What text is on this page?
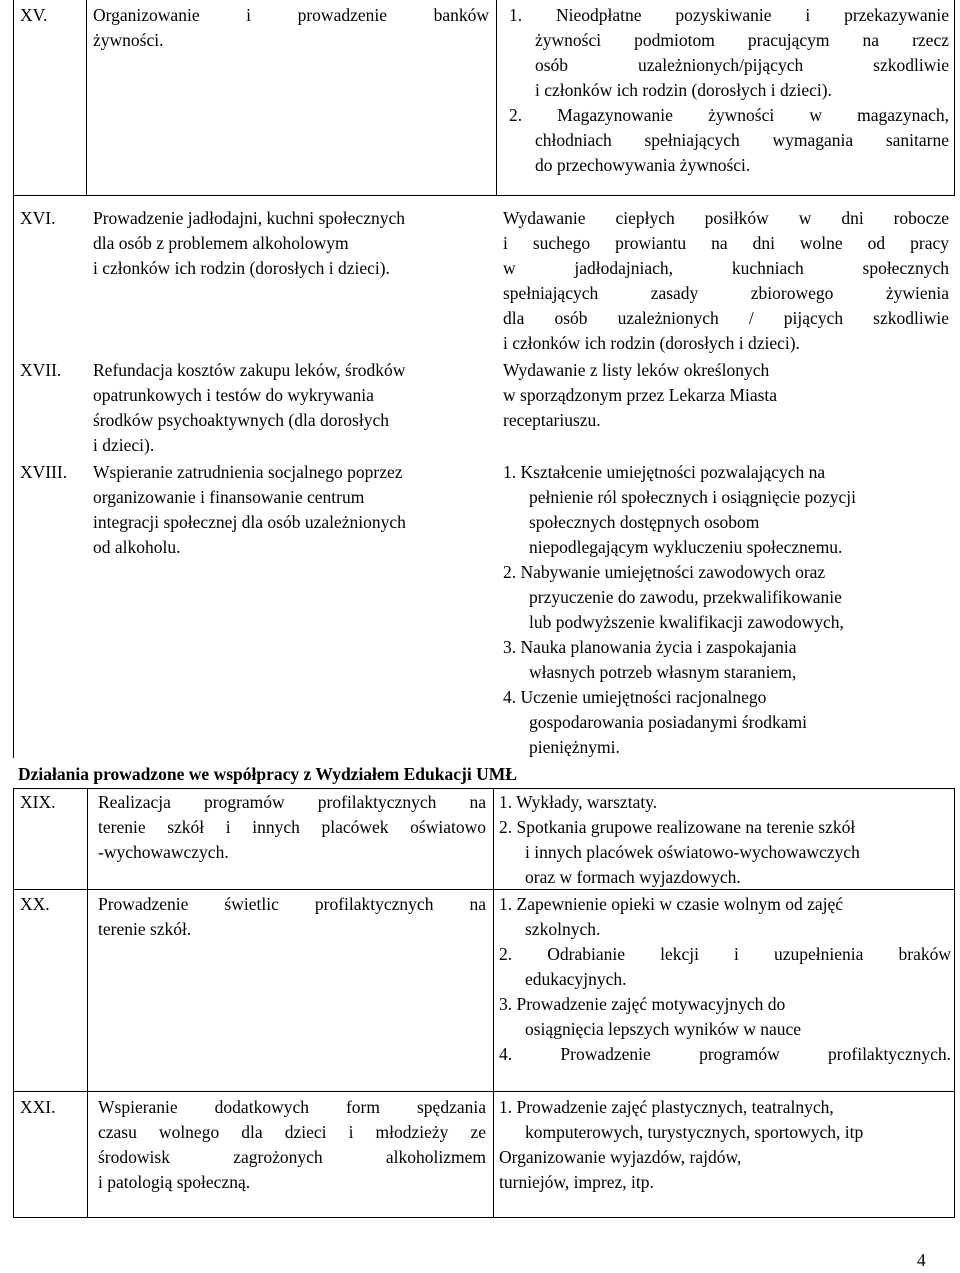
XV.	Organizowanie i prowadzenie banków
żywności.
1. Nieodpłatne pozyskiwanie i przekazywanie
żywności podmiotom pracującym na rzecz
osób uzależnionych/pijących szkodliwie
i członków ich rodzin (dorosłych i dzieci).
2. Magazynowanie żywności w magazynach,
chłodniach spełniających wymagania sanitarne
do przechowywania żywności.
XVI. Prowadzenie jadłodajni, kuchni społecznych
dla osób z problemem alkoholowym
i członków ich rodzin (dorosłych i dzieci).
Wydawanie ciepłych posiłków w dni robocze
i suchego prowiantu na dni wolne od pracy
w jadłodajniach, kuchniach społecznych
spełniających zasady zbiorowego żywienia
dla osób uzależnionych / pijących szkodliwie
i członków ich rodzin (dorosłych i dzieci).
XVII. Refundacja kosztów zakupu leków, środków
opatrunkowych i testów do wykrywania
środków psychoaktywnych (dla dorosłych
i dzieci).
Wydawanie z listy leków określonych
w sporządzonym przez Lekarza Miasta
receptariuszu.
XVIII. Wspieranie zatrudnienia socjalnego poprzez
organizowanie i finansowanie centrum
integracji społecznej dla osób uzależnionych
od alkoholu.
1. Kształcenie umiejętności pozwalających na
pełnienie ról społecznych i osiągnięcie pozycji
społecznych dostępnych osobom
niepodlegającym wykluczeniu społecznemu.
2. Nabywanie umiejętności zawodowych oraz
przyuczenie do zawodu, przekwalifikowanie
lub podwyższenie kwalifikacji zawodowych,
3. Nauka planowania życia i zaspokajania
własnych potrzeb własnym staraniem,
4. Uczenie umiejętności racjonalnego
gospodarowania posiadanymi środkami
pieniężnymi.
Działania prowadzone we współpracy z Wydziałem Edukacji UMŁ
XIX. Realizacja programów profilaktycznych na
terenie szkół i innych placówek oświatowo
-wychowawczych.
1. Wykłady, warsztaty.
2. Spotkania grupowe realizowane na terenie szkół
i innych placówek oświatowo-wychowawczych
oraz w formach wyjazdowych.
XX.	Prowadzenie świetlic profilaktycznych na
terenie szkół.
1. Zapewnienie opieki w czasie wolnym od zajęć
szkolnych.
2. Odrabianie lekcji i uzupełnienia braków
edukacyjnych.
3. Prowadzenie zajęć motywacyjnych do
osiągnięcia lepszych wyników w nauce
4. Prowadzenie programów profilaktycznych.
XXI. Wspieranie dodatkowych form spędzania
czasu wolnego dla dzieci i młodzieży ze
środowisk zagrożonych alkoholizmem
i patologią społeczną.
1. Prowadzenie zajęć plastycznych, teatralnych,
komputerowych, turystycznych, sportowych, itp
Organizowanie wyjazdów, rajdów,
turniejów, imprez, itp.
4
